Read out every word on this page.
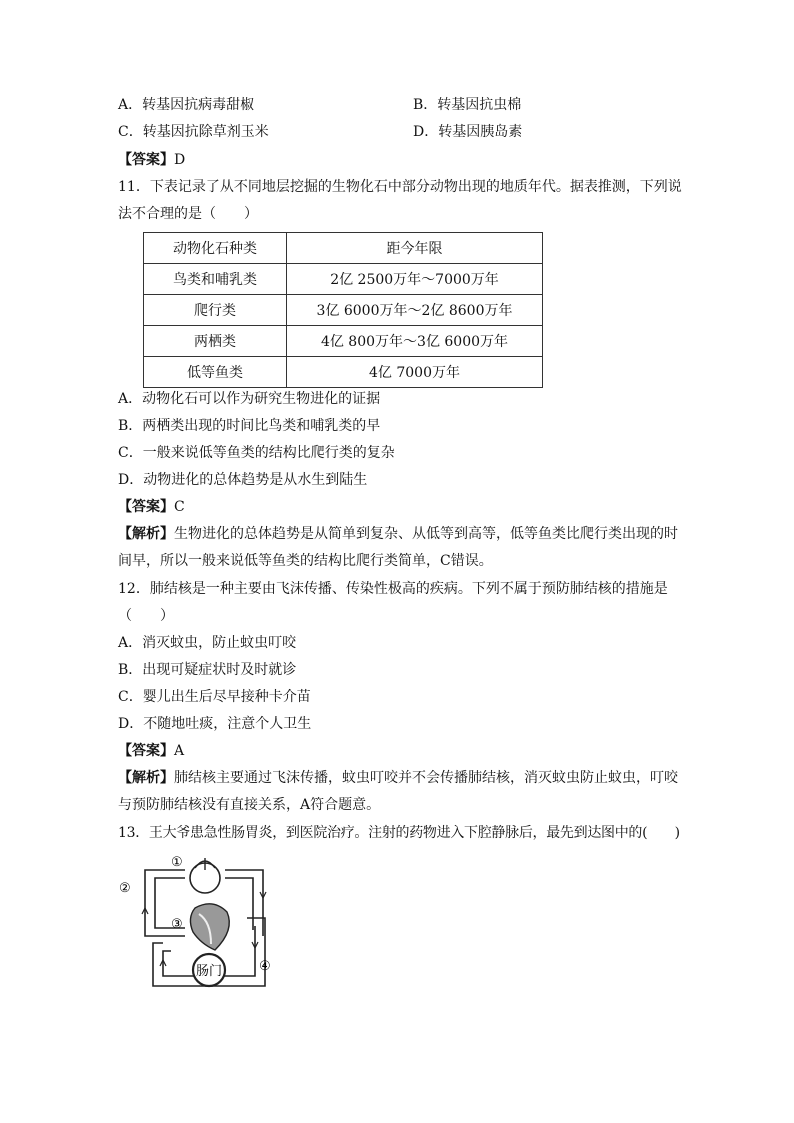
A．转基因抗病毒甜椒	B．转基因抗虫棉
C．转基因抗除草剂玉米	D．转基因胰岛素
【答案】D
11．下表记录了从不同地层挖掘的生物化石中部分动物出现的地质年代。据表推测，下列说
法不合理的是（　　）
动物化石种类	距今年限
鸟类和哺乳类	2亿 2500万年～7000万年
爬行类	3亿 6000万年～2亿 8600万年
两栖类	4亿 800万年～3亿 6000万年
低等鱼类	4亿 7000万年
A．动物化石可以作为研究生物进化的证据
B．两栖类出现的时间比鸟类和哺乳类的早
C．一般来说低等鱼类的结构比爬行类的复杂
D．动物进化的总体趋势是从水生到陆生
【答案】C
【解析】生物进化的总体趋势是从简单到复杂、从低等到高等，低等鱼类比爬行类出现的时
间早，所以一般来说低等鱼类的结构比爬行类简单，C错误。
12．肺结核是一种主要由飞沫传播、传染性极高的疾病。下列不属于预防肺结核的措施是
（　　）
A．消灭蚊虫，防止蚊虫叮咬
B．出现可疑症状时及时就诊
C．婴儿出生后尽早接种卡介苗
D．不随地吐痰，注意个人卫生
【答案】A
【解析】肺结核主要通过飞沫传播，蚊虫叮咬并不会传播肺结核，消灭蚊虫防止蚊虫，叮咬
与预防肺结核没有直接关系，A符合题意。
13．王大爷患急性肠胃炎，到医院治疗。注射的药物进入下腔静脉后，最先到达图中的(　　)
①
②
③
④
肠门
